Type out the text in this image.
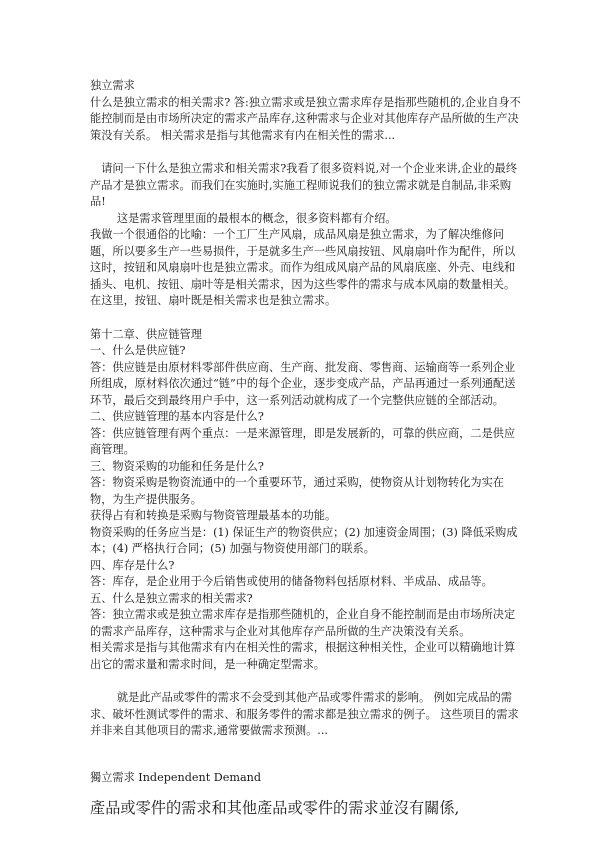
独立需求

什么是独立需求的相关需求? 答:独立需求或是独立需求库存是指那些随机的,企业自身不能控制而是由市场所决定的需求产品库存,这种需求与企业对其他库存产品所做的生产决策没有关系。 相关需求是指与其他需求有内在相关性的需求...

请问一下什么是独立需求和相关需求?我看了很多资料说,对一个企业来讲,企业的最终产品才是独立需求。而我们在实施时,实施工程师说我们的独立需求就是自制品,非采购品!

这是需求管理里面的最根本的概念，很多资料都有介绍。

我做一个很通俗的比喻：一个工厂生产风扇，成品风扇是独立需求，为了解决维修问题，所以要多生产一些易损件，于是就多生产一些风扇按钮、风扇扇叶作为配件，所以这时，按钮和风扇扇叶也是独立需求。而作为组成风扇产品的风扇底座、外壳、电线和插头、电机、按钮、扇叶等是相关需求，因为这些零件的需求与成本风扇的数量相关。

在这里，按钮、扇叶既是相关需求也是独立需求。

第十二章、供应链管理

一、什么是供应链?

答：供应链是由原材料零部件供应商、生产商、批发商、零售商、运输商等一系列企业所组成，原材料依次通过“链”中的每个企业，逐步变成产品，产品再通过一系列通配送环节，最后交到最终用户手中，这一系列活动就构成了一个完整供应链的全部活动。

二、供应链管理的基本内容是什么?

答：供应链管理有两个重点：一是来源管理，即是发展新的，可靠的供应商，二是供应商管理。

三、物资采购的功能和任务是什么?

答：物资采购是物资流通中的一个重要环节，通过采购，使物资从计划物转化为实在物，为生产提供服务。

获得占有和转换是采购与物资管理最基本的功能。

物资采购的任务应当是：(1) 保证生产的物资供应；(2) 加速资金周围；(3) 降低采购成本；(4) 严格执行合同；(5) 加强与物资使用部门的联系。

四、库存是什么?

答：库存，是企业用于今后销售或使用的储备物料包括原材料、半成品、成品等。

五、什么是独立需求的相关需求?

答：独立需求或是独立需求库存是指那些随机的，企业自身不能控制而是由市场所决定的需求产品库存，这种需求与企业对其他库存产品所做的生产决策没有关系。

相关需求是指与其他需求有内在相关性的需求，根据这种相关性，企业可以精确地计算出它的需求量和需求时间，是一种确定型需求。

就是此产品或零件的需求不会受到其他产品或零件需求的影响。 例如完成品的需求、破坏性测试零件的需求、和服务零件的需求都是独立需求的例子。 这些项目的需求并非来自其他项目的需求,通常要做需求预测。...

獨立需求 Independent Demand

產品或零件的需求和其他產品或零件的需求並沒有關係,
